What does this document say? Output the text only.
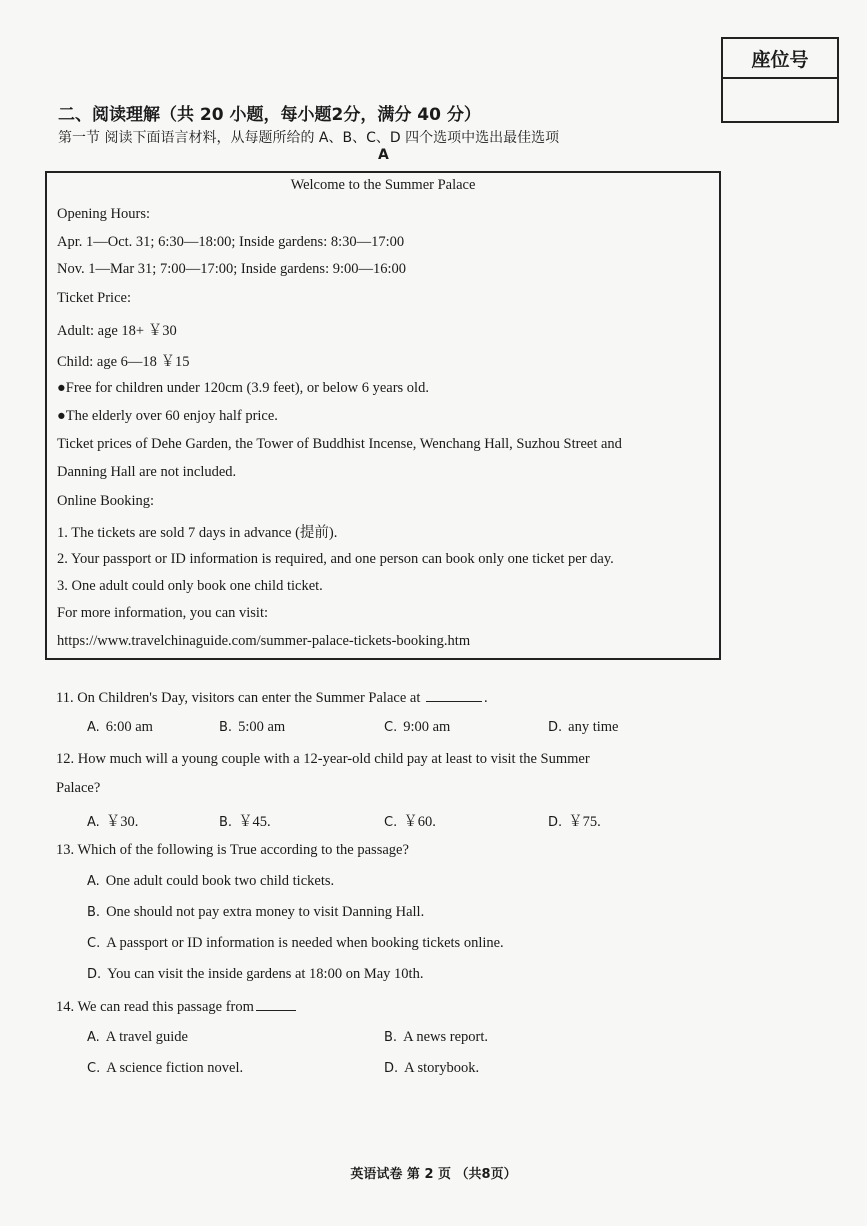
座位号
二、阅读理解（共 20 小题，每小题2分，满分 40 分）
第一节 阅读下面语言材料，从每题所给的 A、B、C、D 四个选项中选出最佳选项
A
Welcome to the Summer Palace
Opening Hours:
Apr. 1—Oct. 31; 6:30—18:00; Inside gardens: 8:30—17:00
Nov. 1—Mar 31; 7:00—17:00; Inside gardens: 9:00—16:00
Ticket Price:
Adult: age 18+ ￥30
Child: age 6—18 ￥15
●Free for children under 120cm (3.9 feet), or below 6 years old.
●The elderly over 60 enjoy half price.
Ticket prices of Dehe Garden, the Tower of Buddhist Incense, Wenchang Hall, Suzhou Street and
Danning Hall are not included.
Online Booking:
1. The tickets are sold 7 days in advance (提前).
2. Your passport or ID information is required, and one person can book only one ticket per day.
3. One adult could only book one child ticket.
For more information, you can visit:
https://www.travelchinaguide.com/summer-palace-tickets-booking.htm
11. On Children's Day, visitors can enter the Summer Palace at	.
A. 6:00 am	B. 5:00 am	C. 9:00 am	D. any time
12. How much will a young couple with a 12-year-old child pay at least to visit the Summer
Palace?
A. ￥30.	B. ￥45.	C. ￥60.	D. ￥75.
13. Which of the following is True according to the passage?
A. One adult could book two child tickets.
B. One should not pay extra money to visit Danning Hall.
C. A passport or ID information is needed when booking tickets online.
D. You can visit the inside gardens at 18:00 on May 10th.
14. We can read this passage from
A. A travel guide	B. A news report.
C. A science fiction novel.	D. A storybook.
英语试卷 第 2 页 （共8页）
